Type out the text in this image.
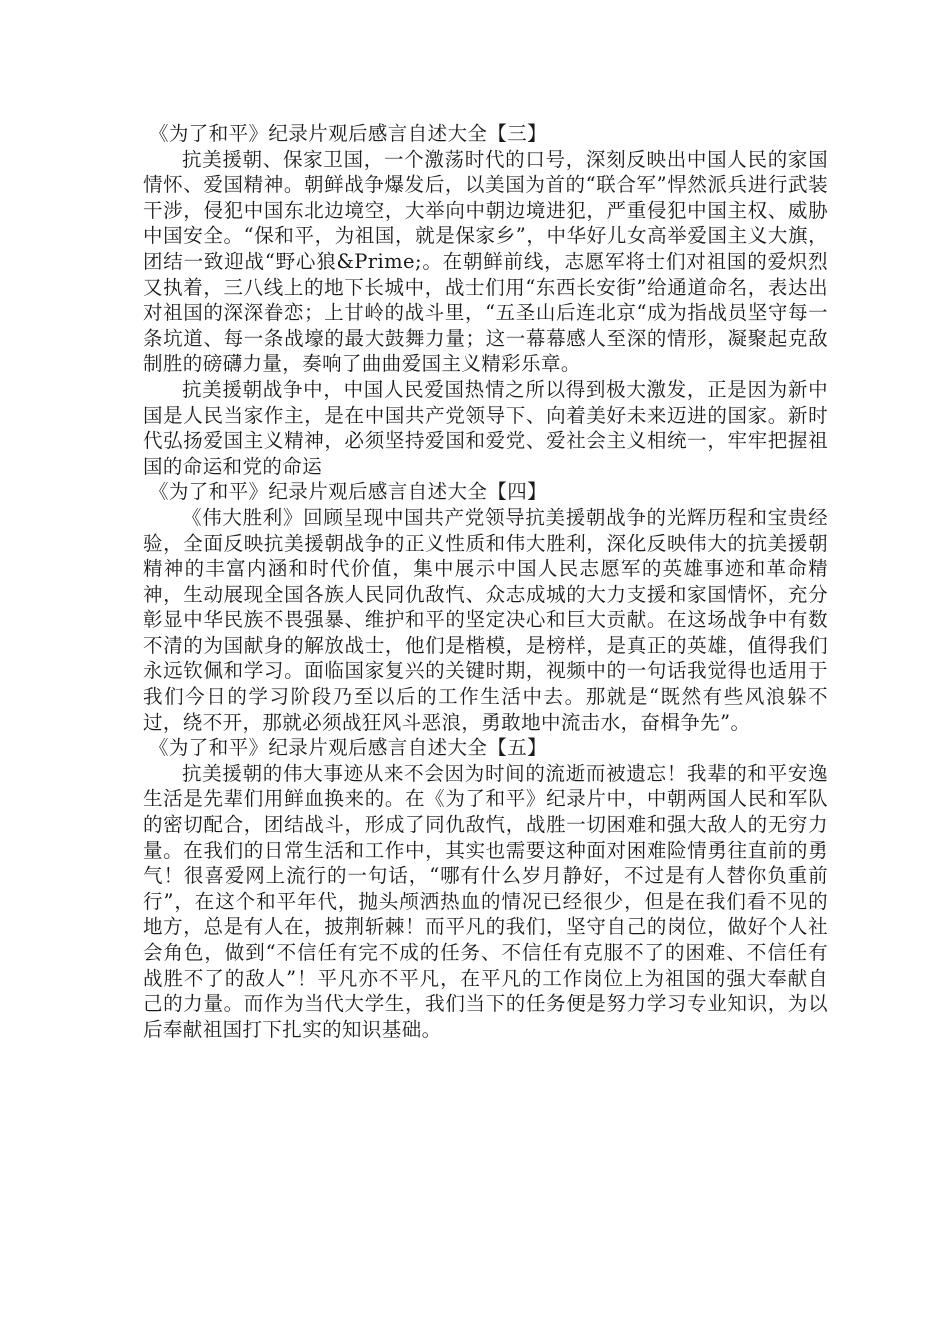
《为了和平》纪录片观后感言自述大全【三】

抗美援朝、保家卫国，一个激荡时代的口号，深刻反映出中国人民的家国情怀、爱国精神。朝鲜战争爆发后，以美国为首的“联合军”悍然派兵进行武装干涉，侵犯中国东北边境空，大举向中朝边境进犯，严重侵犯中国主权、威胁中国安全。“保和平，为祖国，就是保家乡”，中华好儿女高举爱国主义大旗，团结一致迎战“野心狼&Prime;。在朝鲜前线，志愿军将士们对祖国的爱炽烈又执着，三八线上的地下长城中，战士们用“东西长安街”给通道命名，表达出对祖国的深深眷恋；上甘岭的战斗里，“五圣山后连北京“成为指战员坚守每一条坑道、每一条战壕的最大鼓舞力量；这一幕幕感人至深的情形，凝聚起克敌制胜的磅礴力量，奏响了曲曲爱国主义精彩乐章。

抗美援朝战争中，中国人民爱国热情之所以得到极大激发，正是因为新中国是人民当家作主，是在中国共产党领导下、向着美好未来迈进的国家。新时代弘扬爱国主义精神，必须坚持爱国和爱党、爱社会主义相统一，牢牢把握祖国的命运和党的命运

《为了和平》纪录片观后感言自述大全【四】

《伟大胜利》回顾呈现中国共产党领导抗美援朝战争的光辉历程和宝贵经验，全面反映抗美援朝战争的正义性质和伟大胜利，深化反映伟大的抗美援朝精神的丰富内涵和时代价值，集中展示中国人民志愿军的英雄事迹和革命精神，生动展现全国各族人民同仇敌忾、众志成城的大力支援和家国情怀，充分彰显中华民族不畏强暴、维护和平的坚定决心和巨大贡献。在这场战争中有数不清的为国献身的解放战士，他们是楷模，是榜样，是真正的英雄，值得我们永远钦佩和学习。面临国家复兴的关键时期，视频中的一句话我觉得也适用于我们今日的学习阶段乃至以后的工作生活中去。那就是“既然有些风浪躲不过，绕不开，那就必须战狂风斗恶浪，勇敢地中流击水，奋楫争先”。

《为了和平》纪录片观后感言自述大全【五】

抗美援朝的伟大事迹从来不会因为时间的流逝而被遗忘！我辈的和平安逸生活是先辈们用鲜血换来的。在《为了和平》纪录片中，中朝两国人民和军队的密切配合，团结战斗，形成了同仇敌忾，战胜一切困难和强大敌人的无穷力量。在我们的日常生活和工作中，其实也需要这种面对困难险情勇往直前的勇气！很喜爱网上流行的一句话，“哪有什么岁月静好，不过是有人替你负重前行”，在这个和平年代，抛头颅洒热血的情况已经很少，但是在我们看不见的地方，总是有人在，披荆斩棘！而平凡的我们，坚守自己的岗位，做好个人社会角色，做到“不信任有完不成的任务、不信任有克服不了的困难、不信任有战胜不了的敌人”！平凡亦不平凡，在平凡的工作岗位上为祖国的强大奉献自己的力量。而作为当代大学生，我们当下的任务便是努力学习专业知识，为以后奉献祖国打下扎实的知识基础。
